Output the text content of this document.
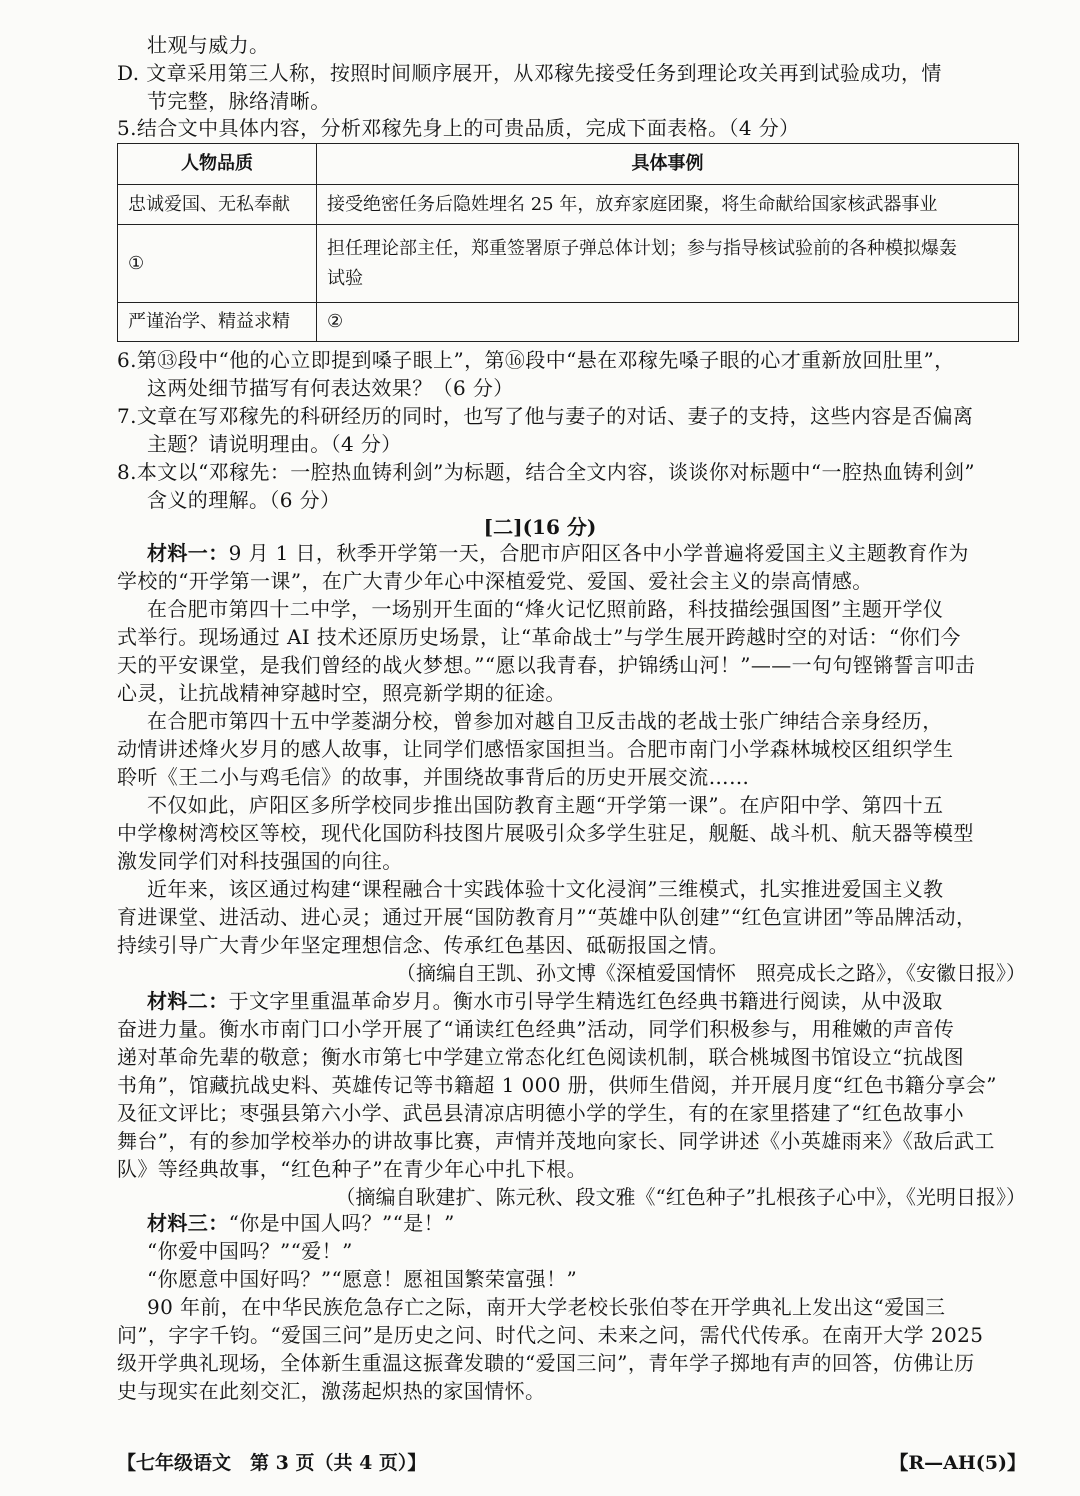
壮观与威力。
D. 文章采用第三人称，按照时间顺序展开，从邓稼先接受任务到理论攻关再到试验成功，情
节完整，脉络清晰。
5.结合文中具体内容，分析邓稼先身上的可贵品质，完成下面表格。（4 分）
人物品质	具体事例
忠诚爱国、无私奉献	接受绝密任务后隐姓埋名 25 年，放弃家庭团聚，将生命献给国家核武器事业
①	担任理论部主任，郑重签署原子弹总体计划；参与指导核试验前的各种模拟爆轰
试验

严谨治学、精益求精	②
6.第⑬段中“他的心立即提到嗓子眼上”，第⑯段中“悬在邓稼先嗓子眼的心才重新放回肚里”，
这两处细节描写有何表达效果？（6 分）
7.文章在写邓稼先的科研经历的同时，也写了他与妻子的对话、妻子的支持，这些内容是否偏离
主题？请说明理由。（4 分）
8.本文以“邓稼先：一腔热血铸利剑”为标题，结合全文内容，谈谈你对标题中“一腔热血铸利剑”
含义的理解。（6 分）
[二](16 分)
材料一：9 月 1 日，秋季开学第一天，合肥市庐阳区各中小学普遍将爱国主义主题教育作为
学校的“开学第一课”，在广大青少年心中深植爱党、爱国、爱社会主义的崇高情感。
在合肥市第四十二中学，一场别开生面的“烽火记忆照前路，科技描绘强国图”主题开学仪
式举行。现场通过 AI 技术还原历史场景，让“革命战士”与学生展开跨越时空的对话：“你们今
天的平安课堂，是我们曾经的战火梦想。”“愿以我青春，护锦绣山河！”——一句句铿锵誓言叩击
心灵，让抗战精神穿越时空，照亮新学期的征途。
在合肥市第四十五中学菱湖分校，曾参加对越自卫反击战的老战士张广绅结合亲身经历，
动情讲述烽火岁月的感人故事，让同学们感悟家国担当。合肥市南门小学森林城校区组织学生
聆听《王二小与鸡毛信》的故事，并围绕故事背后的历史开展交流……
不仅如此，庐阳区多所学校同步推出国防教育主题“开学第一课”。在庐阳中学、第四十五
中学橡树湾校区等校，现代化国防科技图片展吸引众多学生驻足，舰艇、战斗机、航天器等模型
激发同学们对科技强国的向往。
近年来，该区通过构建“课程融合十实践体验十文化浸润”三维模式，扎实推进爱国主义教
育进课堂、进活动、进心灵；通过开展“国防教育月”“英雄中队创建”“红色宣讲团”等品牌活动，
持续引导广大青少年坚定理想信念、传承红色基因、砥砺报国之情。
（摘编自王凯、孙文博《深植爱国情怀　照亮成长之路》，《安徽日报》）
材料二：于文字里重温革命岁月。衡水市引导学生精选红色经典书籍进行阅读，从中汲取
奋进力量。衡水市南门口小学开展了“诵读红色经典”活动，同学们积极参与，用稚嫩的声音传
递对革命先辈的敬意；衡水市第七中学建立常态化红色阅读机制，联合桃城图书馆设立“抗战图
书角”，馆藏抗战史料、英雄传记等书籍超 1 000 册，供师生借阅，并开展月度“红色书籍分享会”
及征文评比；枣强县第六小学、武邑县清凉店明德小学的学生，有的在家里搭建了“红色故事小
舞台”，有的参加学校举办的讲故事比赛，声情并茂地向家长、同学讲述《小英雄雨来》《敌后武工
队》等经典故事，“红色种子”在青少年心中扎下根。
（摘编自耿建扩、陈元秋、段文雅《“红色种子”扎根孩子心中》，《光明日报》）
材料三：“你是中国人吗？”“是！”
“你爱中国吗？”“爱！”
“你愿意中国好吗？”“愿意！愿祖国繁荣富强！”
90 年前，在中华民族危急存亡之际，南开大学老校长张伯苓在开学典礼上发出这“爱国三
问”，字字千钧。“爱国三问”是历史之问、时代之问、未来之问，需代代传承。在南开大学 2025
级开学典礼现场，全体新生重温这振聋发聩的“爱国三问”，青年学子掷地有声的回答，仿佛让历
史与现实在此刻交汇，激荡起炽热的家国情怀。
【七年级语文　第 3 页（共 4 页）】	【R—AH(5)】
